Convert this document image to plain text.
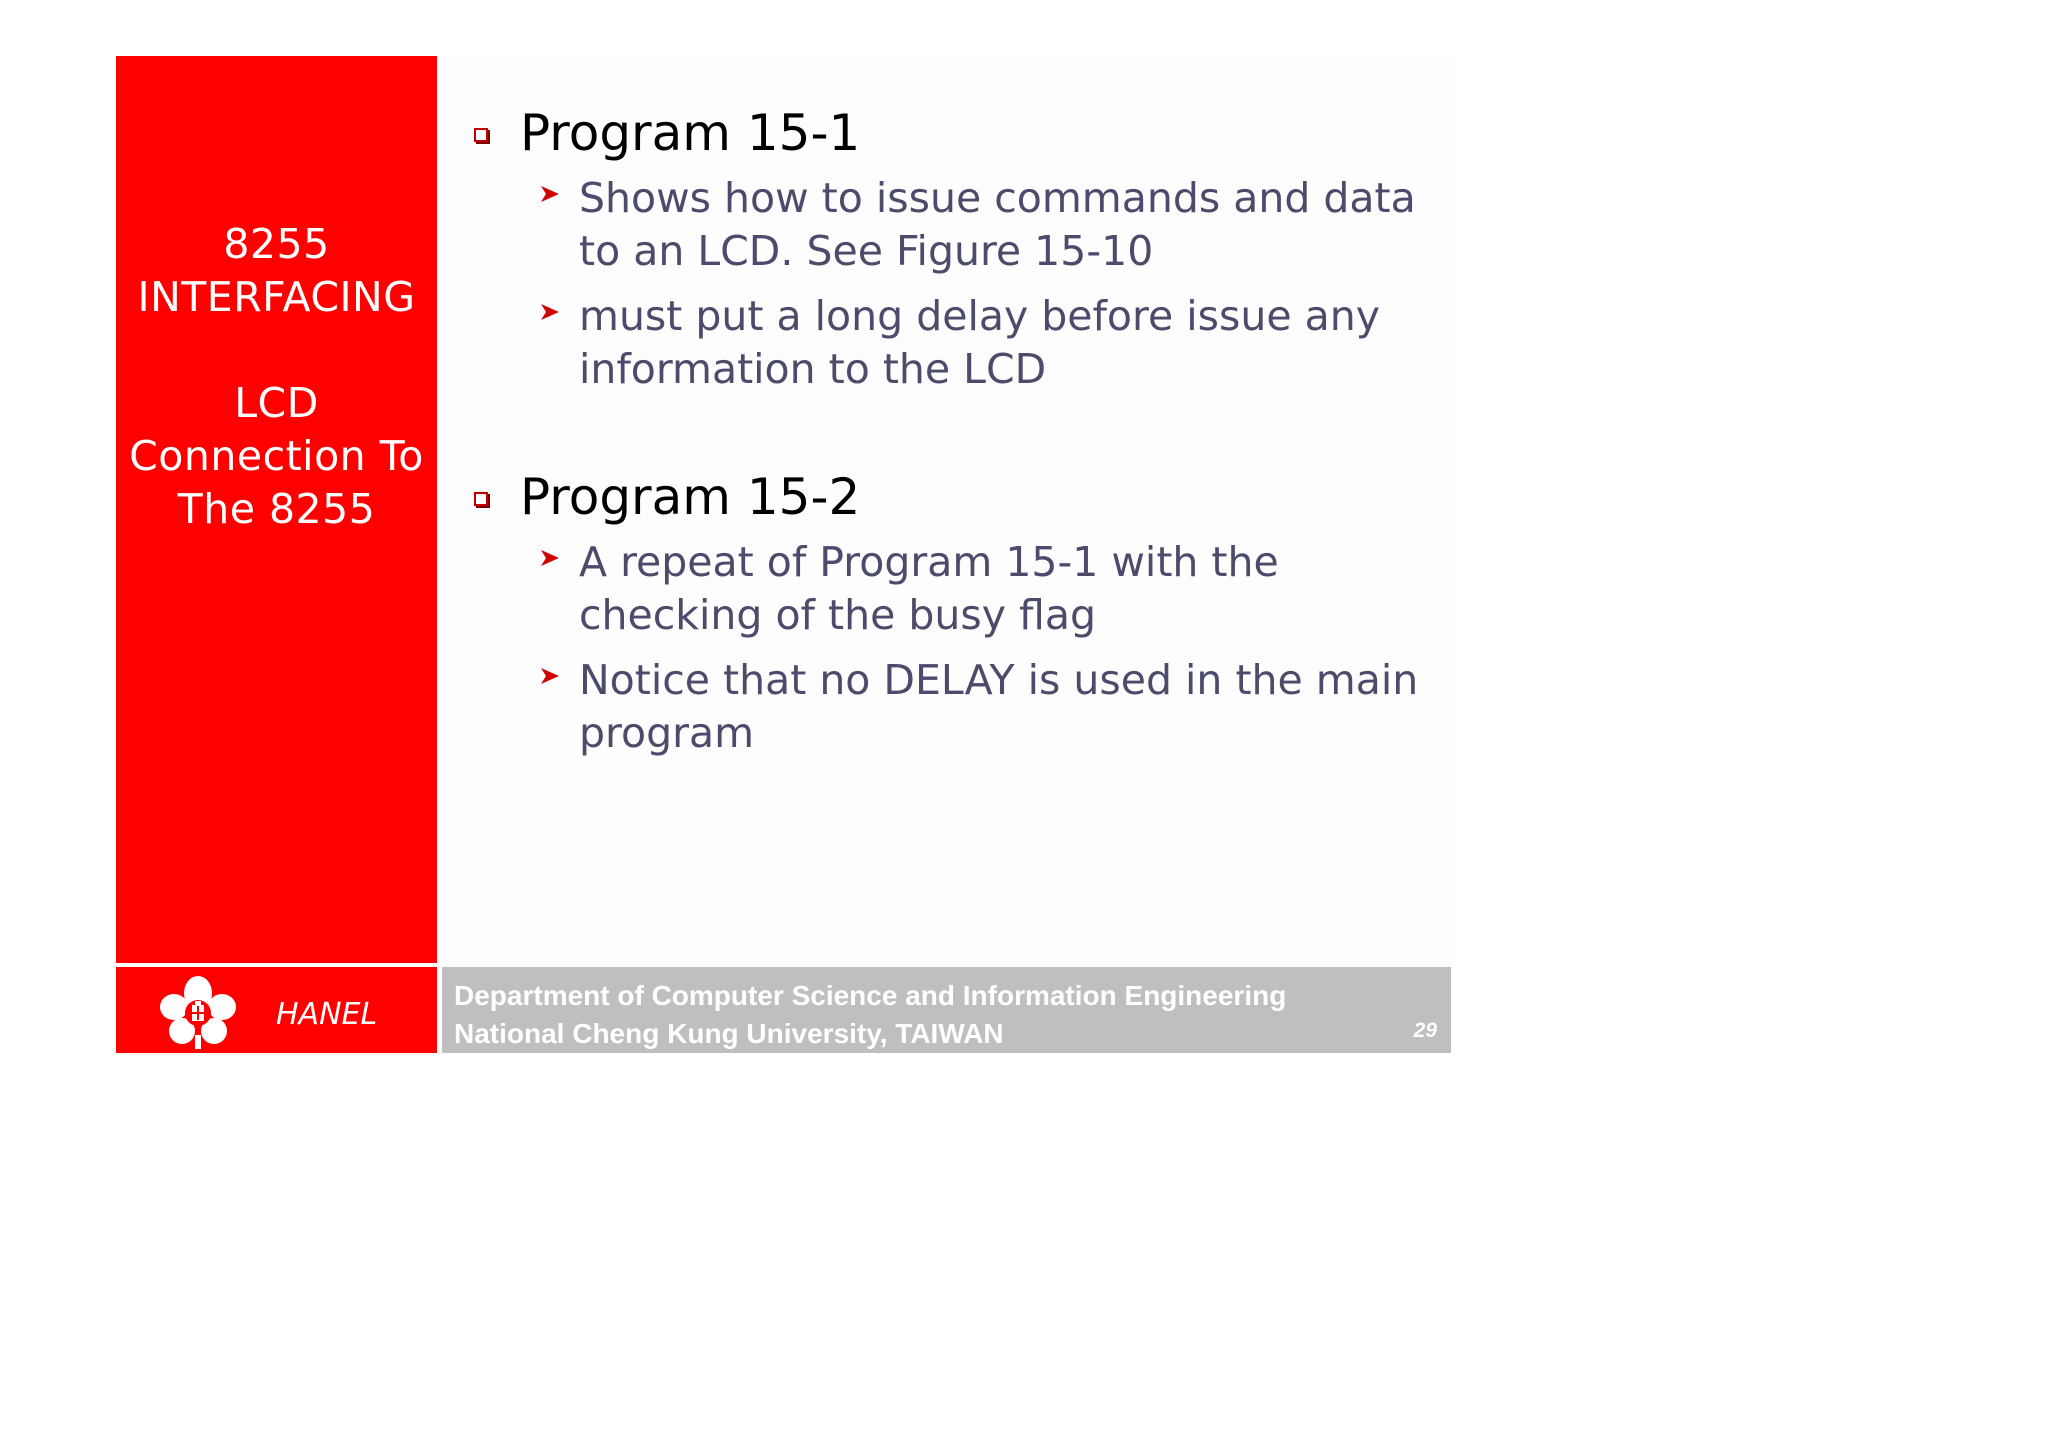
8255
INTERFACING
LCD
Connection To
The 8255
Program 15-1
Shows how to issue commands and data to an LCD. See Figure 15-10
must put a long delay before issue any information to the LCD
Program 15-2
A repeat of Program 15-1 with the checking of the busy flag
Notice that no DELAY is used in the main program
HANEL
Department of Computer Science and Information Engineering
National Cheng Kung University, TAIWAN	29
